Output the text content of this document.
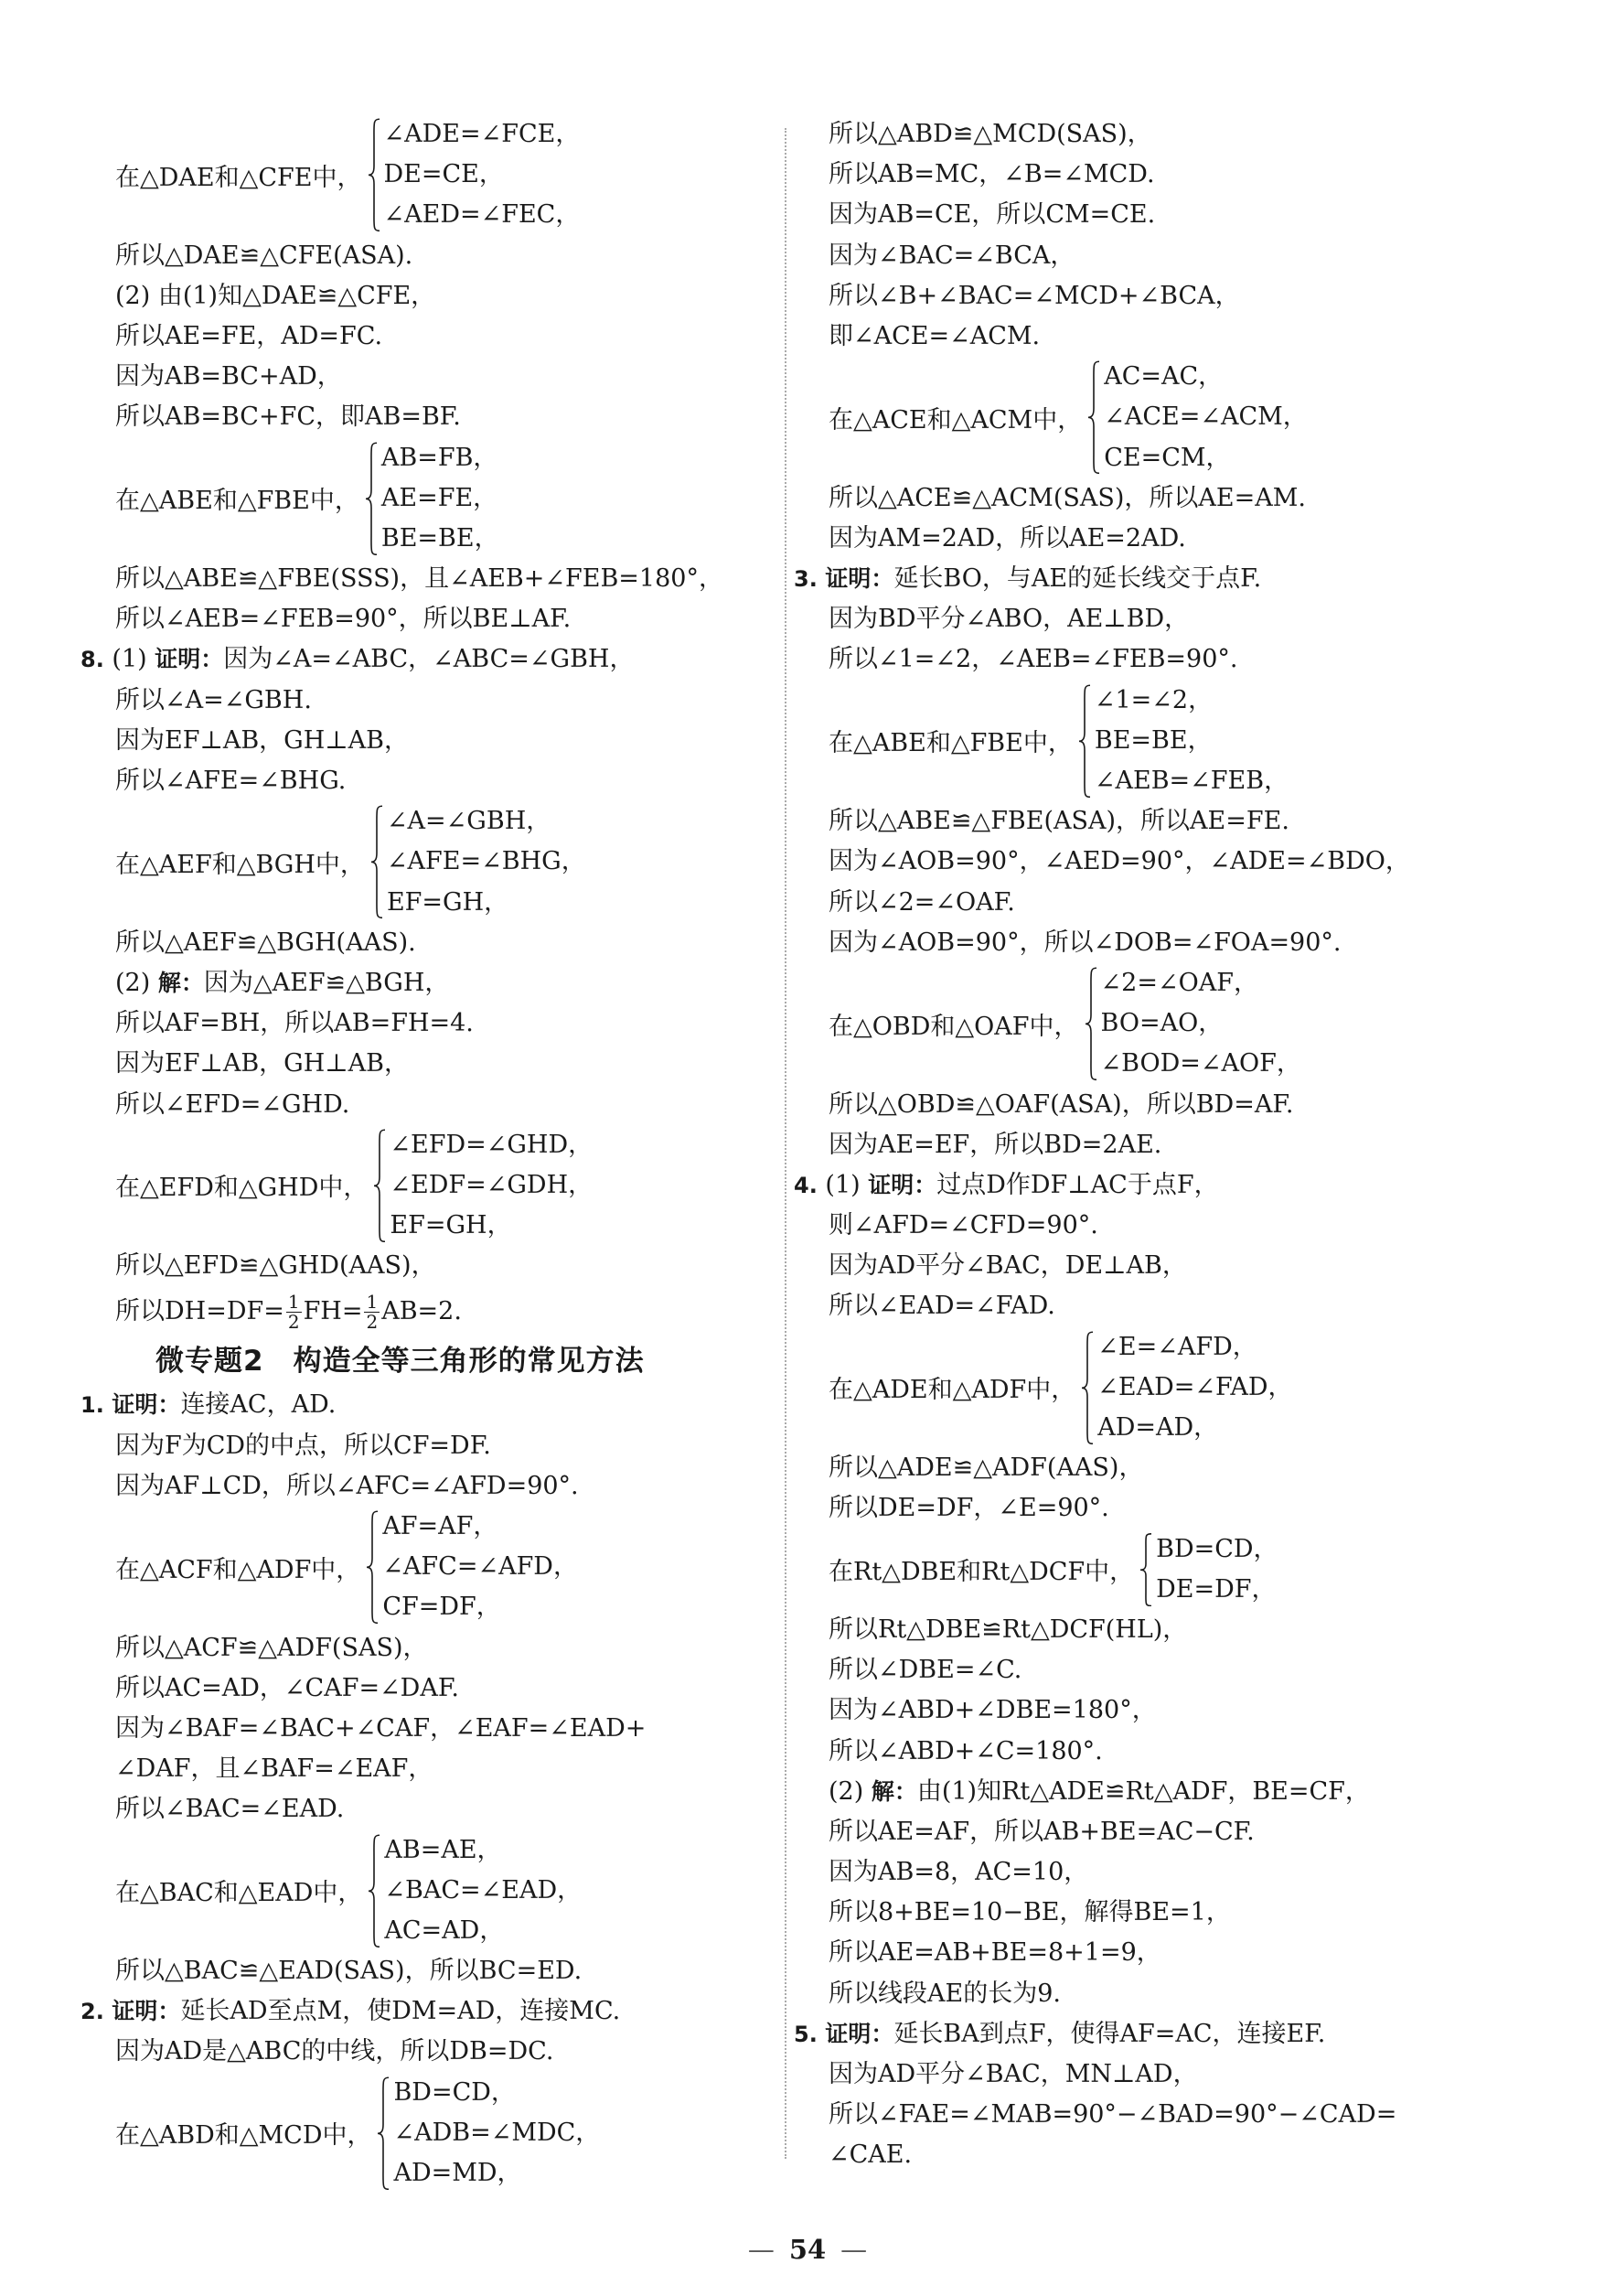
在△DAE和△CFE中，
∠ADE=∠FCE，
DE=CE，
∠AED=∠FEC，
所以△DAE≌△CFE(ASA).
(2) 由(1)知△DAE≌△CFE，
所以AE=FE，AD=FC.
因为AB=BC+AD，
所以AB=BC+FC，即AB=BF.
在△ABE和△FBE中，
AB=FB，
AE=FE，
BE=BE，
所以△ABE≌△FBE(SSS)，且∠AEB+∠FEB=180°，
所以∠AEB=∠FEB=90°，所以BE⊥AF.
8. (1) 证明：因为∠A=∠ABC，∠ABC=∠GBH，
所以∠A=∠GBH.
因为EF⊥AB，GH⊥AB，
所以∠AFE=∠BHG.
在△AEF和△BGH中，
∠A=∠GBH，
∠AFE=∠BHG，
EF=GH，
所以△AEF≌△BGH(AAS).
(2) 解：因为△AEF≌△BGH，
所以AF=BH，所以AB=FH=4.
因为EF⊥AB，GH⊥AB，
所以∠EFD=∠GHD.
在△EFD和△GHD中，
∠EFD=∠GHD，
∠EDF=∠GDH，
EF=GH，
所以△EFD≌△GHD(AAS)，
所以$DH=DF= \frac{1}{2} FH= \frac{1}{2} AB=2$.
微专题2　构造全等三角形的常见方法
1. 证明：连接AC，AD.
因为F为CD的中点，所以CF=DF.
因为AF⊥CD，所以∠AFC=∠AFD=90°.
在△ACF和△ADF中，
AF=AF，
∠AFC=∠AFD，
CF=DF，
所以△ACF≌△ADF(SAS)，
所以AC=AD，∠CAF=∠DAF.
因为∠BAF=∠BAC+∠CAF，∠EAF=∠EAD+
∠DAF，且∠BAF=∠EAF，
所以∠BAC=∠EAD.
在△BAC和△EAD中，
AB=AE，
∠BAC=∠EAD，
AC=AD，
所以△BAC≌△EAD(SAS)，所以BC=ED.
2. 证明：延长AD至点M，使DM=AD，连接MC.
因为AD是△ABC的中线，所以DB=DC.
在△ABD和△MCD中，
BD=CD，
∠ADB=∠MDC，
AD=MD，
所以△ABD≌△MCD(SAS)，
所以AB=MC，∠B=∠MCD.
因为AB=CE，所以CM=CE.
因为∠BAC=∠BCA，
所以∠B+∠BAC=∠MCD+∠BCA，
即∠ACE=∠ACM.
在△ACE和△ACM中，
AC=AC，
∠ACE=∠ACM，
CE=CM，
所以△ACE≌△ACM(SAS)，所以AE=AM.
因为AM=2AD，所以AE=2AD.
3. 证明：延长BO，与AE的延长线交于点F.
因为BD平分∠ABO，AE⊥BD，
所以∠1=∠2，∠AEB=∠FEB=90°.
在△ABE和△FBE中，
∠1=∠2，
BE=BE，
∠AEB=∠FEB，
所以△ABE≌△FBE(ASA)，所以AE=FE.
因为∠AOB=90°，∠AED=90°，∠ADE=∠BDO，
所以∠2=∠OAF.
因为∠AOB=90°，所以∠DOB=∠FOA=90°.
在△OBD和△OAF中，
∠2=∠OAF，
BO=AO，
∠BOD=∠AOF，
所以△OBD≌△OAF(ASA)，所以BD=AF.
因为AE=EF，所以BD=2AE.
4. (1) 证明：过点D作DF⊥AC于点F，
则∠AFD=∠CFD=90°.
因为AD平分∠BAC，DE⊥AB，
所以∠EAD=∠FAD.
在△ADE和△ADF中，
∠E=∠AFD，
∠EAD=∠FAD，
AD=AD，
所以△ADE≌△ADF(AAS)，
所以DE=DF，∠E=90°.
在Rt△DBE和Rt△DCF中，
BD=CD，
DE=DF，
所以Rt△DBE≌Rt△DCF(HL)，
所以∠DBE=∠C.
因为∠ABD+∠DBE=180°，
所以∠ABD+∠C=180°.
(2) 解：由(1)知Rt△ADE≌Rt△ADF，BE=CF，
所以AE=AF，所以AB+BE=AC−CF.
因为AB=8，AC=10，
所以8+BE=10−BE，解得BE=1，
所以AE=AB+BE=8+1=9，
所以线段AE的长为9.
5. 证明：延长BA到点F，使得AF=AC，连接EF.
因为AD平分∠BAC，MN⊥AD，
所以∠FAE=∠MAB=90°−∠BAD=90°−∠CAD=
∠CAE.
— 54 —
